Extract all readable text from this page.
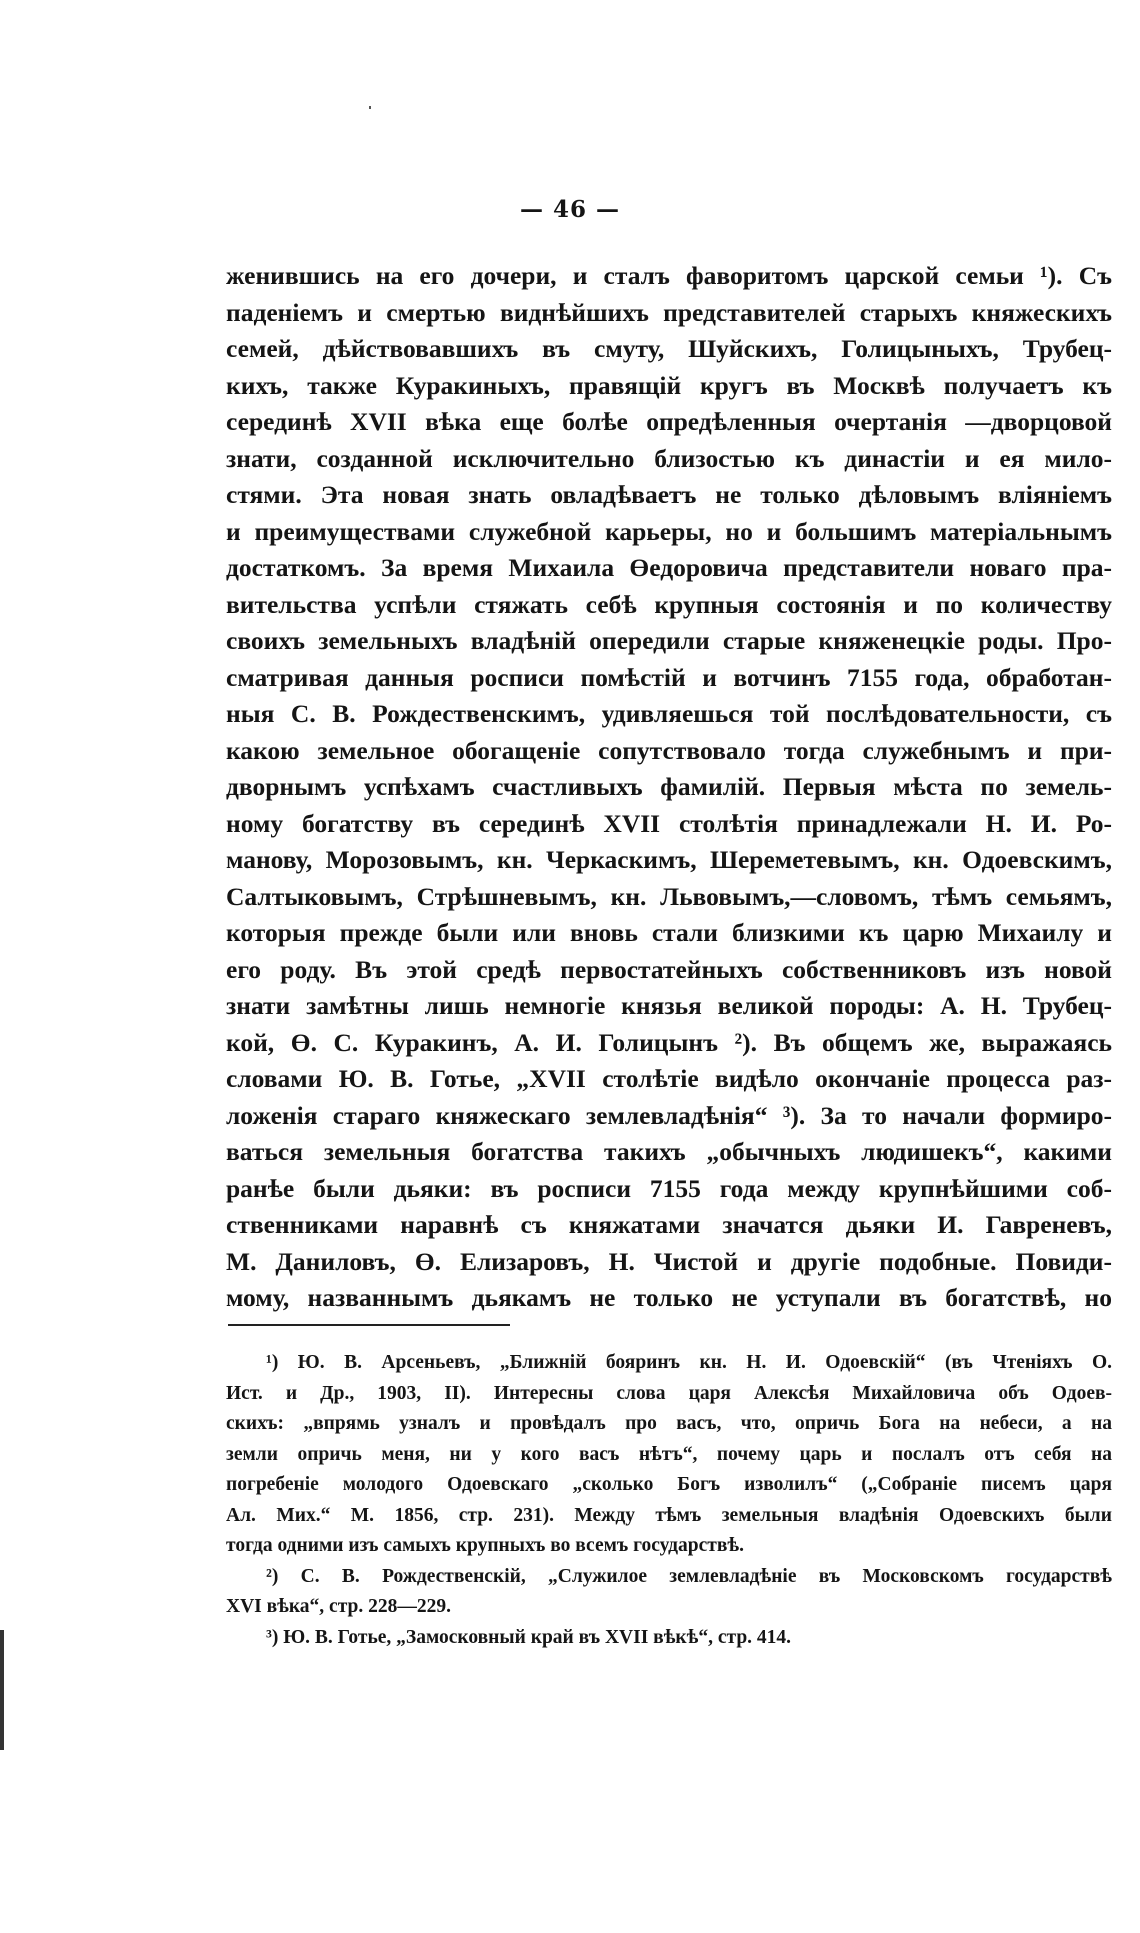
— 46 —
женившись на его дочери, и сталъ фаворитомъ царской семьи ¹). Съ
паденiемъ и смертью виднѣйшихъ представителей старыхъ княжескихъ
семей, дѣйствовавшихъ въ смуту, Шуйскихъ, Голицыныхъ, Трубец-
кихъ, также Куракиныхъ, правящiй кругъ въ Москвѣ получаетъ къ
серединѣ XVII вѣка еще болѣе опредѣленныя очертанiя —дворцовой
знати, созданной исключительно близостью къ династiи и ея мило-
стями. Эта новая знать овладѣваетъ не только дѣловымъ влiянiемъ
и преимуществами служебной карьеры, но и большимъ матерiальнымъ
достаткомъ. За время Михаила Өедоровича представители новаго пра-
вительства успѣли стяжать себѣ крупныя состоянiя и по количеству
своихъ земельныхъ владѣнiй опередили старые княженецкiе роды. Про-
сматривая данныя росписи помѣстiй и вотчинъ 7155 года, обработан-
ныя С. В. Рождественскимъ, удивляешься той послѣдовательности, съ
какою земельное обогащенiе сопутствовало тогда служебнымъ и при-
дворнымъ успѣхамъ счастливыхъ фамилiй. Первыя мѣста по земель-
ному богатству въ серединѣ XVII столѣтiя принадлежали Н. И. Ро-
манову, Морозовымъ, кн. Черкаскимъ, Шереметевымъ, кн. Одоевскимъ,
Салтыковымъ, Стрѣшневымъ, кн. Львовымъ,—словомъ, тѣмъ семьямъ,
которыя прежде были или вновь стали близкими къ царю Михаилу и
его роду. Въ этой средѣ первостатейныхъ собственниковъ изъ новой
знати замѣтны лишь немногiе князья великой породы: А. Н. Трубец-
кой, Ө. С. Куракинъ, А. И. Голицынъ ²). Въ общемъ же, выражаясь
словами Ю. В. Готье, „XVII столѣтiе видѣло окончанiе процесса раз-
ложенiя стараго княжескаго землевладѣнiя“ ³). За то начали формиро-
ваться земельныя богатства такихъ „обычныхъ людишекъ“, какими
ранѣе были дьяки: въ росписи 7155 года между крупнѣйшими соб-
ственниками наравнѣ съ княжатами значатся дьяки И. Гавреневъ,
М. Даниловъ, Ө. Елизаровъ, Н. Чистой и другiе подобные. Повиди-
мому, названнымъ дьякамъ не только не уступали въ богатствѣ, но
¹) Ю. В. Арсеньевъ, „Ближнiй бояринъ кн. Н. И. Одоевскiй“ (въ Чтенiяхъ О.
Ист. и Др., 1903, II). Интересны слова царя Алексѣя Михайловича объ Одоев-
скихъ: „впрямь узналъ и провѣдалъ про васъ, что, опричь Бога на небеси, а на
земли опричь меня, ни у кого васъ нѣтъ“, почему царь и послалъ отъ себя на
погребенiе молодого Одоевскаго „сколько Богъ изволилъ“ („Собранiе писемъ царя
Ал. Мих.“ М. 1856, стр. 231). Между тѣмъ земельныя владѣнiя Одоевскихъ были
тогда одними изъ самыхъ крупныхъ во всемъ государствѣ.
²) С. В. Рождественскiй, „Служилое землевладѣнiе въ Московскомъ государствѣ
XVI вѣка“, стр. 228—229.
³) Ю. В. Готье, „Замосковный край въ XVII вѣкѣ“, стр. 414.
